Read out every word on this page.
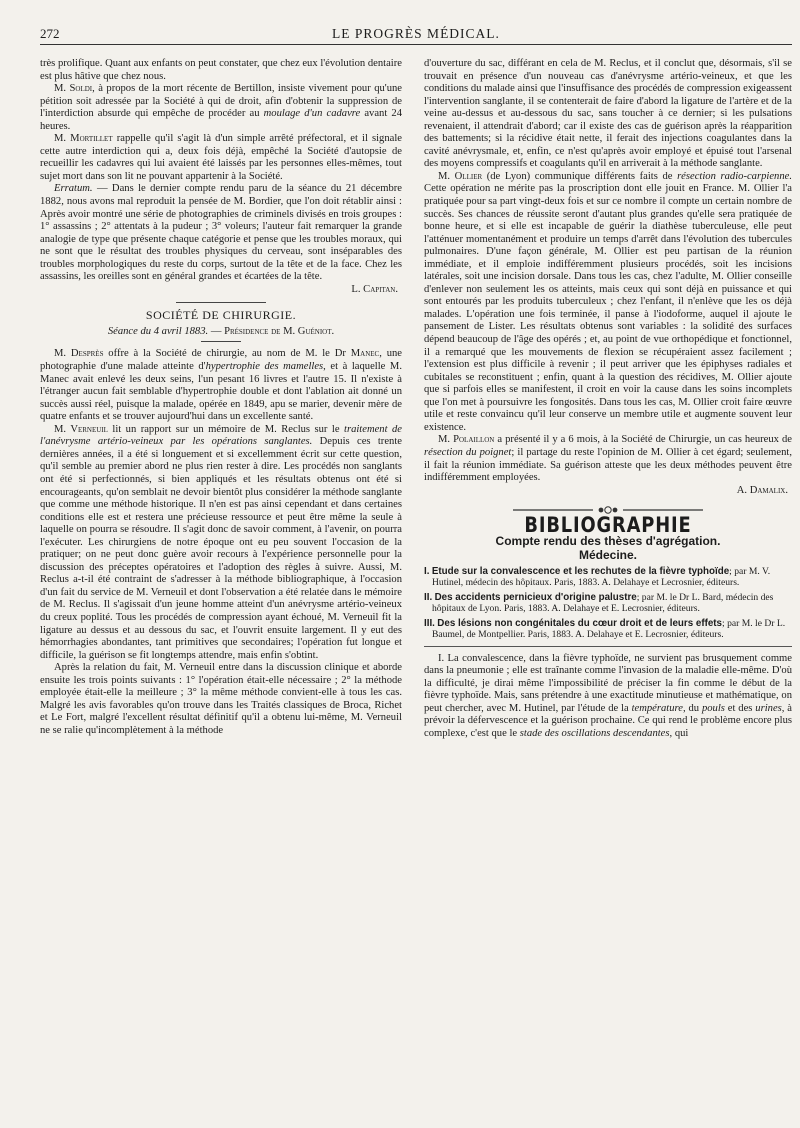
272	LE PROGRÈS MÉDICAL.

très prolifique. Quant aux enfants on peut constater, que chez eux l'évolution dentaire est plus hâtive que chez nous.

M. Soldi, à propos de la mort récente de Bertillon, insiste vivement pour qu'une pétition soit adressée par la Société à qui de droit, afin d'obtenir la suppression de l'interdiction absurde qui empêche de procéder au moulage d'un cadavre avant 24 heures.

M. Mortillet rappelle qu'il s'agit là d'un simple arrêté préfectoral, et il signale cette autre interdiction qui a, deux fois déjà, empêché la Société d'autopsie de recueillir les cadavres qui lui avaient été laissés par les personnes elles-mêmes, tout sujet mort dans son lit ne pouvant appartenir à la Société.

Erratum. — Dans le dernier compte rendu paru de la séance du 21 décembre 1882, nous avons mal reproduit la pensée de M. Bordier, que l'on doit rétablir ainsi : Après avoir montré une série de photographies de criminels divisés en trois groupes : 1° assassins ; 2° attentats à la pudeur ; 3° voleurs; l'auteur fait remarquer la grande analogie de type que présente chaque catégorie et pense que les troubles moraux, qui ne sont que le résultat des troubles physiques du cerveau, sont inséparables des troubles morphologiques du reste du corps, surtout de la tête et de la face. Chez les assassins, les oreilles sont en général grandes et écartées de la tête.

L. Capitan.
SOCIÉTÉ DE CHIRURGIE.
Séance du 4 avril 1883. — Présidence de M. Guéniot.

M. Desprès offre à la Société de chirurgie, au nom de M. le Dr Manec, une photographie d'une malade atteinte d'hypertrophie des mamelles, et à laquelle M. Manec avait enlevé les deux seins, l'un pesant 16 livres et l'autre 15. Il n'existe à l'étranger aucun fait semblable d'hypertrophie double et dont l'ablation ait donné un succès aussi réel, puisque la malade, opérée en 1849, apu se marier, devenir mère de quatre enfants et se trouver aujourd'hui dans un excellente santé.

M. Verneuil lit un rapport sur un mémoire de M. Reclus sur le traitement de l'anévrysme artério-veineux par les opérations sanglantes. Depuis ces trente dernières années, il a été si longuement et si excellemment écrit sur cette question, qu'il semble au premier abord ne plus rien rester à dire. Les procédés non sanglants ont été si perfectionnés, si bien appliqués et les résultats obtenus ont été si encourageants, qu'on semblait ne devoir bientôt plus considérer la méthode sanglante que comme une méthode historique. Il n'en est pas ainsi cependant et dans certaines conditions elle est et restera une précieuse ressource et peut être même la seule à laquelle on pourra se résoudre. Il s'agit donc de savoir comment, à l'avenir, on pourra l'exécuter. Les chirurgiens de notre époque ont eu peu souvent l'occasion de la pratiquer; on ne peut donc guère avoir recours à l'expérience personnelle pour la discussion des préceptes opératoires et l'adoption des règles à suivre. Aussi, M. Reclus a-t-il été contraint de s'adresser à la méthode bibliographique, à l'occasion d'un fait du service de M. Verneuil et dont l'observation a été relatée dans le mémoire de M. Reclus. Il s'agissait d'un jeune homme atteint d'un anévrysme artério-veineux du creux poplité. Tous les procédés de compression ayant échoué, M. Verneuil fit la ligature au dessus et au dessous du sac, et l'ouvrit ensuite largement. Il y eut des hémorrhagies abondantes, tant primitives que secondaires; l'opération fut longue et difficile, la guérison se fit longtemps attendre, mais enfin s'obtint.

Après la relation du fait, M. Verneuil entre dans la discussion clinique et aborde ensuite les trois points suivants : 1° l'opération était-elle nécessaire ; 2° la méthode employée était-elle la meilleure ; 3° la même méthode convient-elle à tous les cas. Malgré les avis favorables qu'on trouve dans les Traités classiques de Broca, Richet et Le Fort, malgré l'excellent résultat définitif qu'il a obtenu lui-même, M. Verneuil ne se ralie qu'incomplètement à la méthode

d'ouverture du sac, différant en cela de M. Reclus, et il conclut que, désormais, s'il se trouvait en présence d'un nouveau cas d'anévrysme artério-veineux, et que les conditions du malade ainsi que l'insuffisance des procédés de compression exigeassent l'intervention sanglante, il se contenterait de faire d'abord la ligature de l'artère et de la veine au-dessus et au-dessous du sac, sans toucher à ce dernier; si les pulsations revenaient, il attendrait d'abord; car il existe des cas de guérison après la réapparition des battements; si la récidive était nette, il ferait des injections coagulantes dans la cavité anévrysmale, et, enfin, ce n'est qu'après avoir employé et épuisé tout l'arsenal des moyens compressifs et coagulants qu'il en arriverait à la méthode sanglante.

M. Ollier (de Lyon) communique différents faits de résection radio-carpienne. Cette opération ne mérite pas la proscription dont elle jouit en France. M. Ollier l'a pratiquée pour sa part vingt-deux fois et sur ce nombre il compte un certain nombre de succès. Ses chances de réussite seront d'autant plus grandes qu'elle sera pratiquée de bonne heure, et si elle est incapable de guérir la diathèse tuberculeuse, elle peut l'atténuer momentanément et produire un temps d'arrêt dans l'évolution des tubercules pulmonaires. D'une façon générale, M. Ollier est peu partisan de la réunion immédiate, et il emploie indifféremment plusieurs procédés, soit les incisions latérales, soit une incision dorsale. Dans tous les cas, chez l'adulte, M. Ollier conseille d'enlever non seulement les os atteints, mais ceux qui sont déjà en puissance et qui sont entourés par les produits tuberculeux ; chez l'enfant, il n'enlève que les os déjà malades. L'opération une fois terminée, il panse à l'iodoforme, auquel il ajoute le pansement de Lister. Les résultats obtenus sont variables : la solidité des surfaces dépend beaucoup de l'âge des opérés ; et, au point de vue orthopédique et fonctionnel, il a remarqué que les mouvements de flexion se récupéraient assez facilement ; l'extension est plus difficile à revenir ; il peut arriver que les épiphyses radiales et cubitales se reconstituent ; enfin, quant à la question des récidives, M. Ollier ajoute que si parfois elles se manifestent, il croit en voir la cause dans les soins incomplets que l'on met à poursuivre les fongosités. Dans tous les cas, M. Ollier croit faire œuvre utile et reste convaincu qu'il leur conserve un membre utile et augmente souvent leur existence.

M. Polaillon a présenté il y a 6 mois, à la Société de Chirurgie, un cas heureux de résection du poignet; il partage du reste l'opinion de M. Ollier à cet égard; seulement, il fait la réunion immédiate. Sa guérison atteste que les deux méthodes peuvent être indifféremment employées.

A. Damalix.
BIBLIOGRAPHIE
Compte rendu des thèses d'agrégation.
Médecine.
I. Etude sur la convalescence et les rechutes de la fièvre typhoïde; par M. V. Hutinel, médecin des hôpitaux. Paris, 1883. A. Delahaye et Lecrosnier, éditeurs.
II. Des accidents pernicieux d'origine palustre; par M. le Dr L. Bard, médecin des hôpitaux de Lyon. Paris, 1883. A. Delahaye et E. Lecrosnier, éditeurs.
III. Des lésions non congénitales du cœur droit et de leurs effets; par M. le Dr L. Baumel, de Montpellier. Paris, 1883. A. Delahaye et E. Lecrosnier, éditeurs.

I. La convalescence, dans la fièvre typhoïde, ne survient pas brusquement comme dans la pneumonie ; elle est traînante comme l'invasion de la maladie elle-même. D'où la difficulté, je dirai même l'impossibilité de préciser la fin comme le début de la fièvre typhoïde. Mais, sans prétendre à une exactitude minutieuse et mathématique, on peut chercher, avec M. Hutinel, par l'étude de la température, du pouls et des urines, à prévoir la défervescence et la guérison prochaine. Ce qui rend le problème encore plus complexe, c'est que le stade des oscillations descendantes, qui
